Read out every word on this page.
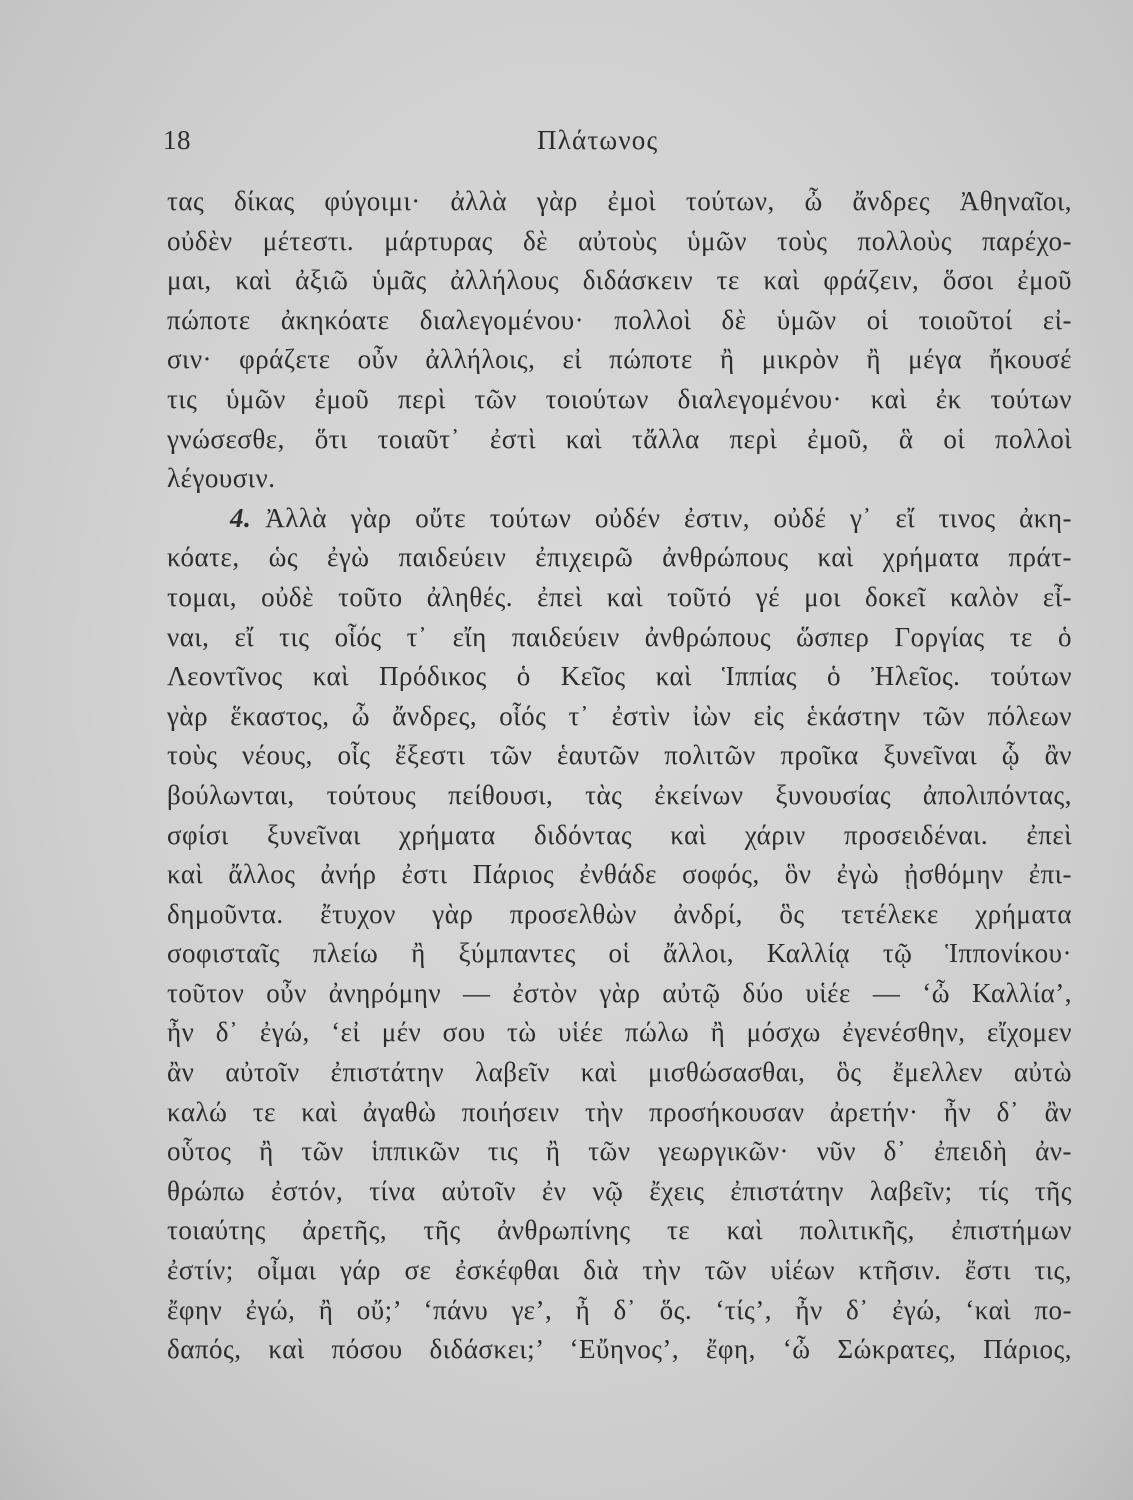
18	Πλάτωνος
τας δίκας φύγοιμι· ἀλλὰ γὰρ ἐμοὶ τούτων, ὦ ἄνδρες Ἀθηναῖοι,
οὐδὲν μέτεστι. μάρτυρας δὲ αὐτοὺς ὑμῶν τοὺς πολλοὺς παρέχο-
μαι, καὶ ἀξιῶ ὑμᾶς ἀλλήλους διδάσκειν τε καὶ φράζειν, ὅσοι ἐμοῦ
πώποτε ἀκηκόατε διαλεγομένου· πολλοὶ δὲ ὑμῶν οἱ τοιοῦτοί εἰ-
σιν· φράζετε οὖν ἀλλήλοις, εἰ πώποτε ἢ μικρὸν ἢ μέγα ἤκουσέ
τις ὑμῶν ἐμοῦ περὶ τῶν τοιούτων διαλεγομένου· καὶ ἐκ τούτων
γνώσεσθε, ὅτι τοιαῦτ᾽ ἐστὶ καὶ τἄλλα περὶ ἐμοῦ, ἃ οἱ πολλοὶ
λέγουσιν.
4. Ἀλλὰ γὰρ οὔτε τούτων οὐδέν ἐστιν, οὐδέ γ᾽ εἴ τινος ἀκη-
κόατε, ὡς ἐγὼ παιδεύειν ἐπιχειρῶ ἀνθρώπους καὶ χρήματα πράτ-
τομαι, οὐδὲ τοῦτο ἀληθές. ἐπεὶ καὶ τοῦτό γέ μοι δοκεῖ καλὸν εἶ-
ναι, εἴ τις οἷός τ᾽ εἴη παιδεύειν ἀνθρώπους ὥσπερ Γοργίας τε ὁ
Λεοντῖνος καὶ Πρόδικος ὁ Κεῖος καὶ Ἱππίας ὁ Ἠλεῖος. τούτων
γὰρ ἕκαστος, ὦ ἄνδρες, οἷός τ᾽ ἐστὶν ἰὼν εἰς ἑκάστην τῶν πόλεων
τοὺς νέους, οἷς ἔξεστι τῶν ἑαυτῶν πολιτῶν προῖκα ξυνεῖναι ᾧ ἂν
βούλωνται, τούτους πείθουσι, τὰς ἐκείνων ξυνουσίας ἀπολιπόντας,
σφίσι ξυνεῖναι χρήματα διδόντας καὶ χάριν προσειδέναι. ἐπεὶ
καὶ ἄλλος ἀνήρ ἐστι Πάριος ἐνθάδε σοφός, ὃν ἐγὼ ᾐσθόμην ἐπι-
δημοῦντα. ἔτυχον γὰρ προσελθὼν ἀνδρί, ὃς τετέλεκε χρήματα
σοφισταῖς πλείω ἢ ξύμπαντες οἱ ἄλλοι, Καλλίᾳ τῷ Ἱππονίκου·
τοῦτον οὖν ἀνηρόμην — ἐστὸν γὰρ αὐτῷ δύο υἱέε — ‘ὦ Καλλία’,
ἦν δ᾽ ἐγώ, ‘εἰ μέν σου τὼ υἱέε πώλω ἢ μόσχω ἐγενέσθην, εἴχομεν
ἂν αὐτοῖν ἐπιστάτην λαβεῖν καὶ μισθώσασθαι, ὃς ἔμελλεν αὐτὼ
καλώ τε καὶ ἀγαθὼ ποιήσειν τὴν προσήκουσαν ἀρετήν· ἦν δ᾽ ἂν
οὗτος ἢ τῶν ἱππικῶν τις ἢ τῶν γεωργικῶν· νῦν δ᾽ ἐπειδὴ ἀν-
θρώπω ἐστόν, τίνα αὐτοῖν ἐν νῷ ἔχεις ἐπιστάτην λαβεῖν; τίς τῆς
τοιαύτης ἀρετῆς, τῆς ἀνθρωπίνης τε καὶ πολιτικῆς, ἐπιστήμων
ἐστίν; οἶμαι γάρ σε ἐσκέφθαι διὰ τὴν τῶν υἱέων κτῆσιν. ἔστι τις,
ἔφην ἐγώ, ἢ οὔ;’ ‘πάνυ γε’, ἦ δ᾽ ὅς. ‘τίς’, ἦν δ᾽ ἐγώ, ‘καὶ πο-
δαπός, καὶ πόσου διδάσκει;’ ‘Εὔηνος’, ἔφη, ‘ὦ Σώκρατες, Πάριος,
